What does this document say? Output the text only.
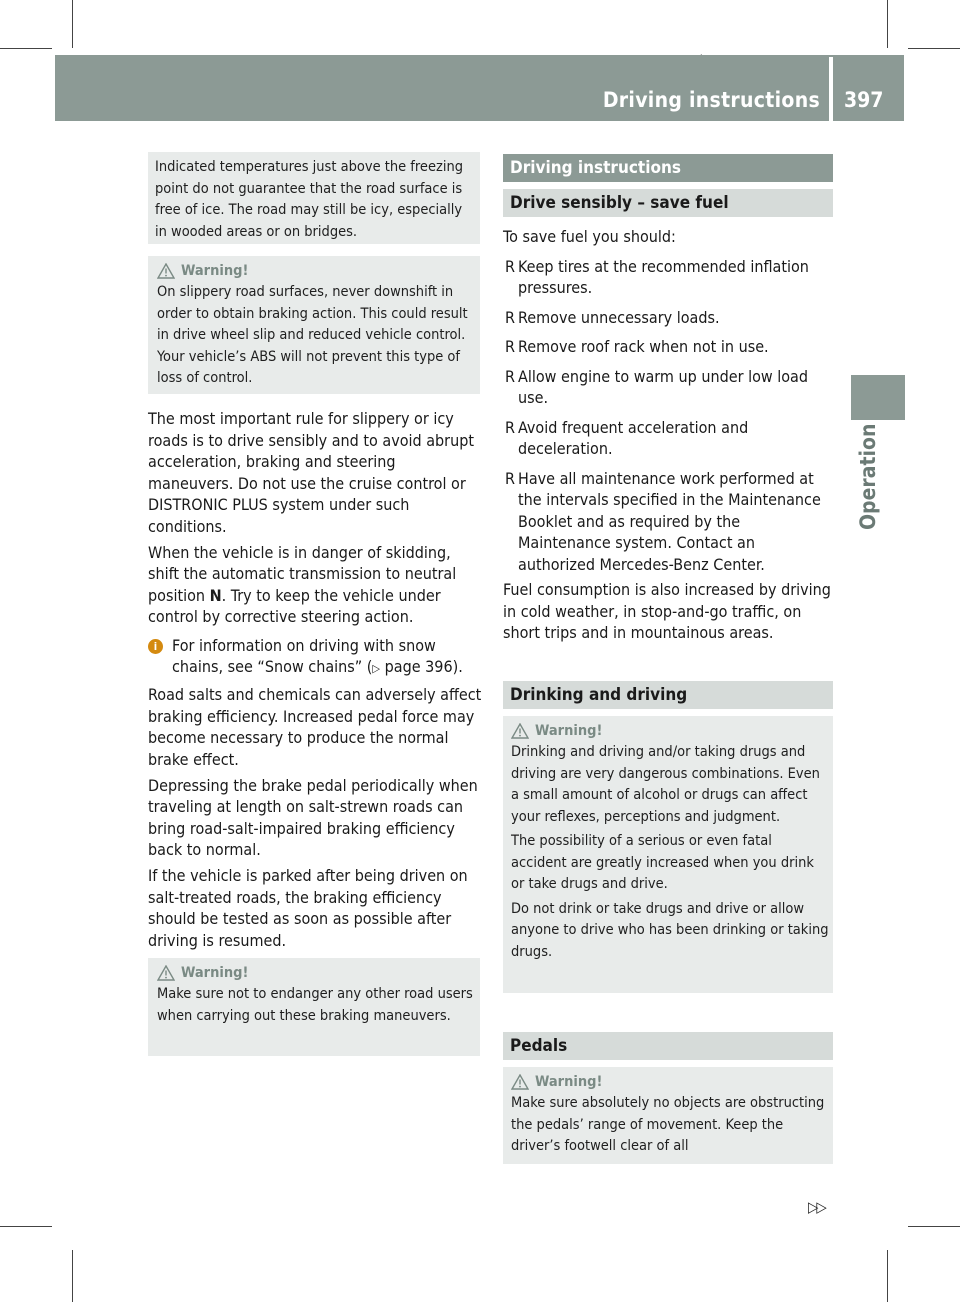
Driving instructions 397
Operation
Indicated temperatures just above the freezing point do not guarantee that the road surface is free of ice. The road may still be icy, especially in wooded areas or on bridges.
Warning!
On slippery road surfaces, never downshift in order to obtain braking action. This could result in drive wheel slip and reduced vehicle control. Your vehicle’s ABS will not prevent this type of loss of control.

The most important rule for slippery or icy roads is to drive sensibly and to avoid abrupt acceleration, braking and steering maneuvers. Do not use the cruise control or DISTRONIC PLUS system under such conditions.

When the vehicle is in danger of skidding, shift the automatic transmission to neutral position N. Try to keep the vehicle under control by corrective steering action.

i For information on driving with snow chains, see “Snow chains” (▷ page 396).

Road salts and chemicals can adversely affect braking efficiency. Increased pedal force may become necessary to produce the normal brake effect.

Depressing the brake pedal periodically when traveling at length on salt-strewn roads can bring road-salt-impaired braking efficiency back to normal.

If the vehicle is parked after being driven on salt-treated roads, the braking efficiency should be tested as soon as possible after driving is resumed.

Warning!
Make sure not to endanger any other road users when carrying out these braking maneuvers.
Driving instructions
Drive sensibly – save fuel

To save fuel you should:

R Keep tires at the recommended inflation pressures.
R Remove unnecessary loads.
R Remove roof rack when not in use.
R Allow engine to warm up under low load use.
R Avoid frequent acceleration and deceleration.
R Have all maintenance work performed at the intervals specified in the Maintenance Booklet and as required by the Maintenance system. Contact an authorized Mercedes-Benz Center.

Fuel consumption is also increased by driving in cold weather, in stop-and-go traffic, on short trips and in mountainous areas.

Drinking and driving
Warning!
Drinking and driving and/or taking drugs and driving are very dangerous combinations. Even a small amount of alcohol or drugs can affect your reflexes, perceptions and judgment.
The possibility of a serious or even fatal accident are greatly increased when you drink or take drugs and drive.
Do not drink or take drugs and drive or allow anyone to drive who has been drinking or taking drugs.
Pedals
Warning!
Make sure absolutely no objects are obstructing the pedals’ range of movement. Keep the driver’s footwell clear of all
▷▷
